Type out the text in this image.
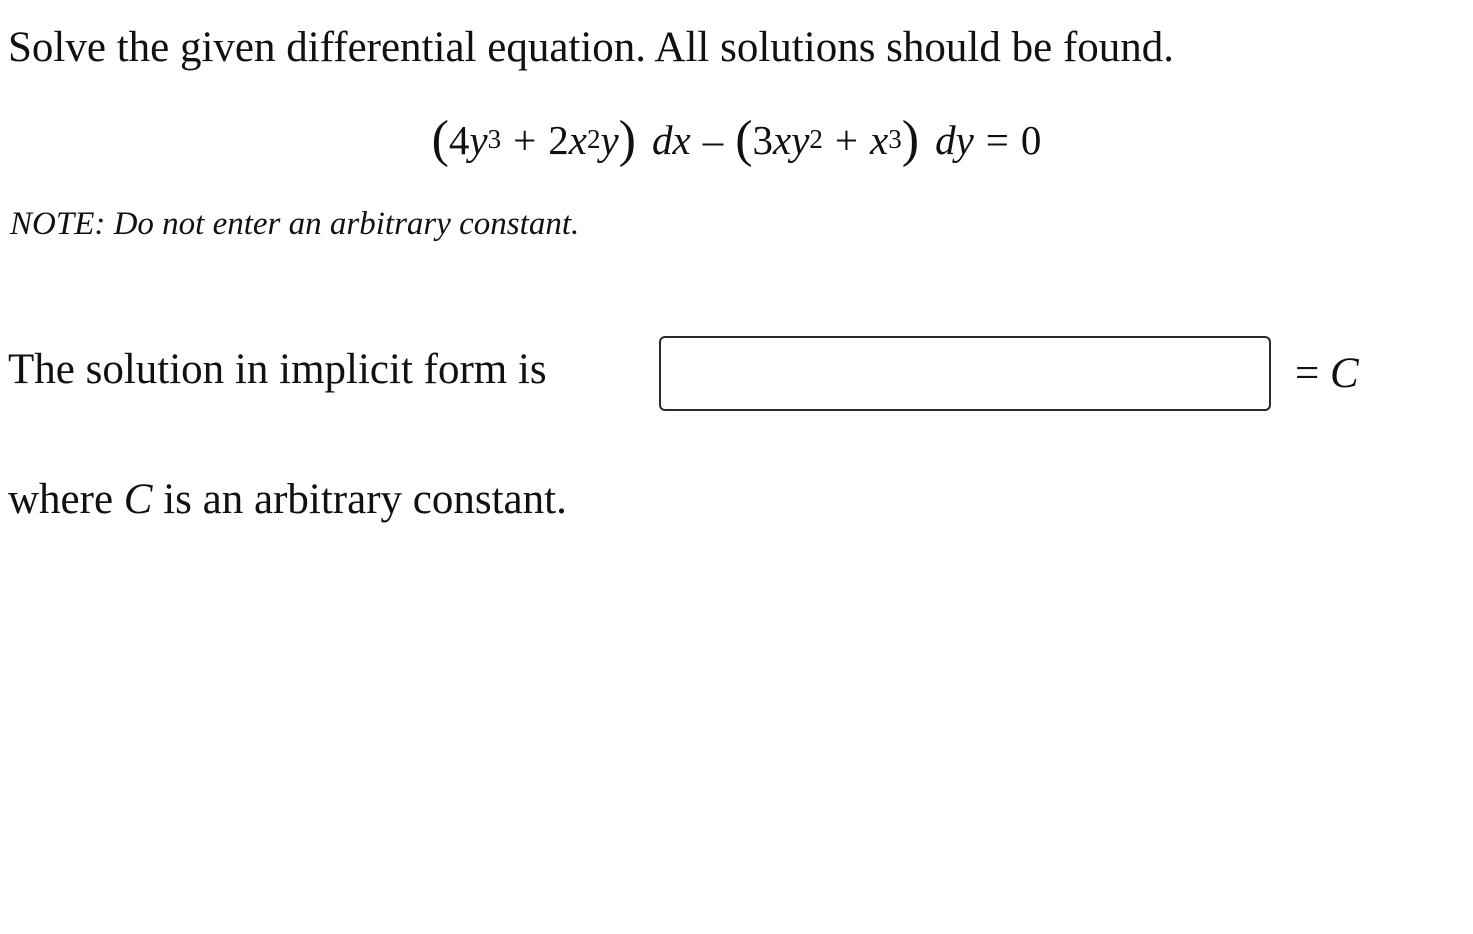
Solve the given differential equation. All solutions should be found.
$(4y^3 + 2x^2y)$ dx – $(3xy^2 + x^3)$ dy = 0
NOTE: Do not enter an arbitrary constant.
The solution in implicit form is	= C
where C is an arbitrary constant.
